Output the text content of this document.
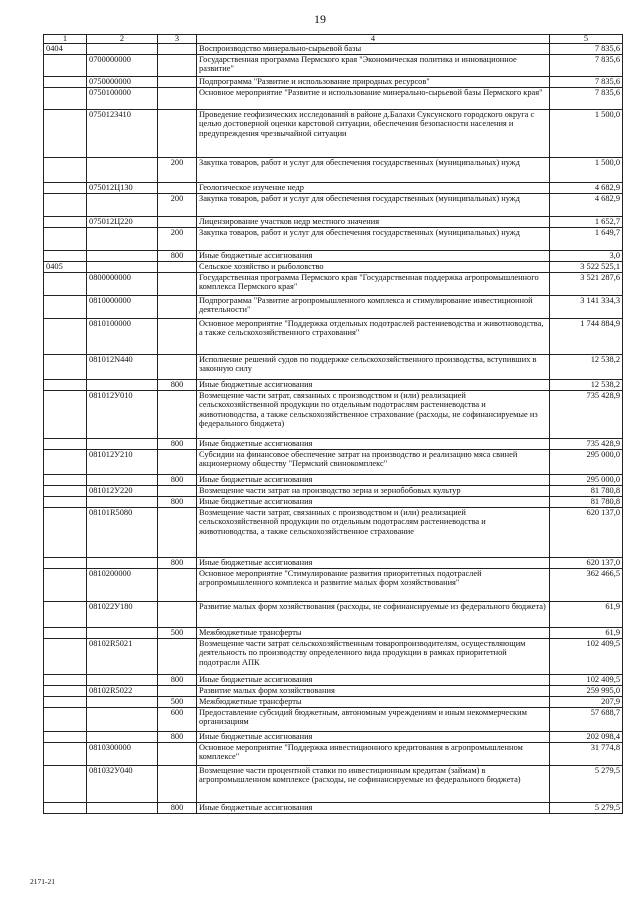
19
1	2	3	4	5
0404			Воспроизводство минерально-сырьевой базы	7 835,6
	0700000000		Государственная программа Пермского края "Экономическая политика и инновационное развитие"	7 835,6
	0750000000		Подпрограмма "Развитие и использование природных ресурсов"	7 835,6
	0750100000		Основное мероприятие "Развитие и использование минерально-сырьевой базы Пермского края"	7 835,6
	0750123410		Проведение геофизических исследований в районе д.Балахи Суксунского городского округа с целью достоверной оценки карстовой ситуации, обеспечения безопасности населения и предупреждения чрезвычайной ситуации	1 500,0
		200	Закупка товаров, работ и услуг для обеспечения государственных (муниципальных) нужд	1 500,0
	075012Ц130		Геологическое изучение недр	4 682,9
		200	Закупка товаров, работ и услуг для обеспечения государственных (муниципальных) нужд	4 682,9
	075012Ц220		Лицензирование участков недр местного значения	1 652,7
		200	Закупка товаров, работ и услуг для обеспечения государственных (муниципальных) нужд	1 649,7
		800	Иные бюджетные ассигнования	3,0
0405			Сельское хозяйство и рыболовство	3 522 525,1
	0800000000		Государственная программа Пермского края "Государственная поддержка агропромышленного комплекса Пермского края"	3 521 287,6
	0810000000		Подпрограмма "Развитие агропромышленного комплекса и стимулирование инвестиционной деятельности"	3 141 334,3
	0810100000		Основное мероприятие "Поддержка отдельных подотраслей растениеводства и животноводства, а также сельскохозяйственного страхования"	1 744 884,9
	081012N440		Исполнение решений судов по поддержке сельскохозяйственного производства, вступивших в законную силу	12 538,2
		800	Иные бюджетные ассигнования	12 538,2
	081012У010		Возмещение части затрат, связанных с производством и (или) реализацией сельскохозяйственной продукции по отдельным подотраслям растениеводства и животноводства, а также сельскохозяйственное страхование (расходы, не софинансируемые из федерального бюджета)	735 428,9
		800	Иные бюджетные ассигнования	735 428,9
	081012У210		Субсидии на финансовое обеспечение затрат на производство и реализацию мяса свиней акционерному обществу "Пермский свинокомплекс"	295 000,0
		800	Иные бюджетные ассигнования	295 000,0
	081012У220		Возмещение части затрат на производство зерна и зернобобовых культур	81 780,8
		800	Иные бюджетные ассигнования	81 780,8
	08101R5080		Возмещение части затрат, связанных с производством и (или) реализацией сельскохозяйственной продукции по отдельным подотраслям растениеводства и животноводства, а также сельскохозяйственное страхование	620 137,0
		800	Иные бюджетные ассигнования	620 137,0
	0810200000		Основное мероприятие "Стимулирование развития приоритетных подотраслей агропромышленного комплекса и развитие малых форм хозяйствования"	362 466,5
	081022У180		Развитие малых форм хозяйствования (расходы, не софинансируемые из федерального бюджета)	61,9
		500	Межбюджетные трансферты	61,9
	08102R5021		Возмещение части затрат сельскохозяйственным товаропроизводителям, осуществляющим деятельность по производству определенного вида продукции в рамках приоритетной подотрасли АПК	102 409,5
		800	Иные бюджетные ассигнования	102 409,5
	08102R5022		Развитие малых форм хозяйствования	259 995,0
		500	Межбюджетные трансферты	207,9
		600	Предоставление субсидий бюджетным, автономным учреждениям и иным некоммерческим организациям	57 688,7
		800	Иные бюджетные ассигнования	202 098,4
	0810300000		Основное мероприятие "Поддержка инвестиционного кредитования в агропромышленном комплексе"	31 774,8
	081032У040		Возмещение части процентной ставки по инвестиционным кредитам (займам) в агропромышленном комплексе (расходы, не софинансируемые из федерального бюджета)	5 279,5
		800	Иные бюджетные ассигнования	5 279,5
2171-21
